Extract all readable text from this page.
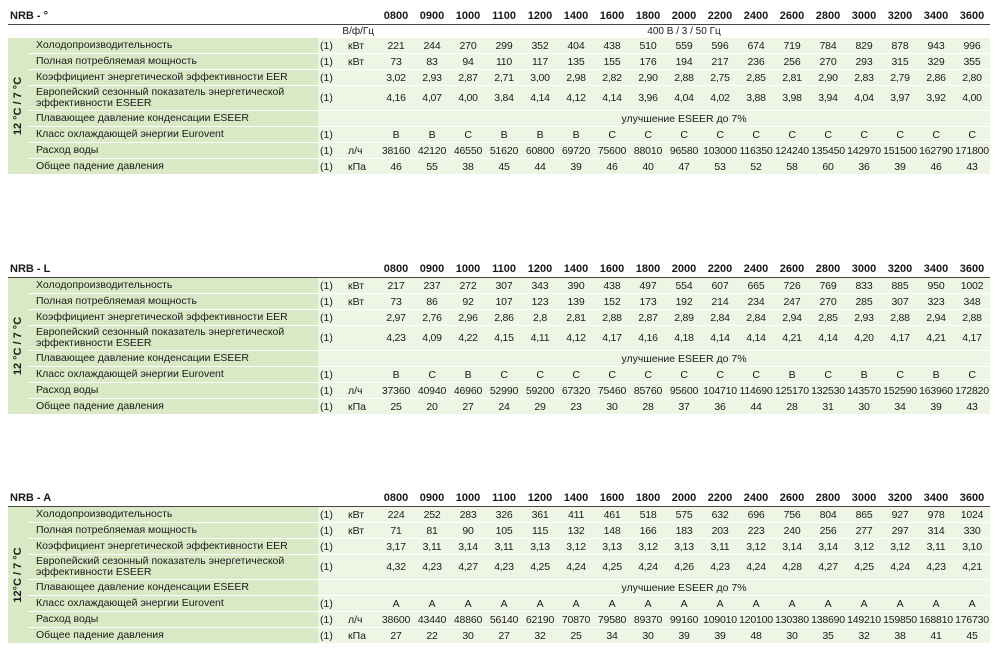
NRB - °				0800	0900	1000	1100	1200	1400	1600	1800	2000	2200	2400	2600	2800	3000	3200	3400	3600
		В/ф/Гц		400 В / 3 / 50 Гц																

12 °C / 7 °C	Холодопроизводительность	(1)	кВт	221	244	270	299	352	404	438	510	559	596	674	719	784	829	878	943	996
	Полная потребляемая мощность	(1)	кВт	73	83	94	110	117	135	155	176	194	217	236	256	270	293	315	329	355
	Коэффициент энергетической эффективности EER	(1)		3,02	2,93	2,87	2,71	3,00	2,98	2,82	2,90	2,88	2,75	2,85	2,81	2,90	2,83	2,79	2,86	2,80
	Европейский сезонный показатель энергетической эффективности ESEER	(1)		4,16	4,07	4,00	3,84	4,14	4,12	4,14	3,96	4,04	4,02	3,88	3,98	3,94	4,04	3,97	3,92	4,00
	Плавающее давление конденсации ESEER			улучшение ESEER до 7%																
	Класс охлаждающей энергии Eurovent	(1)		B	B	C	B	B	B	C	C	C	C	C	C	C	C	C	C	C
	Расход воды	(1)	л/ч	38160	42120	46550	51620	60800	69720	75600	88010	96580	103000	116350	124240	135450	142970	151500	162790	171800
	Общее падение давления	(1)	кПа	46	55	38	45	44	39	46	40	47	53	52	58	60	36	39	46	43
NRB - L				0800	0900	1000	1100	1200	1400	1600	1800	2000	2200	2400	2600	2800	3000	3200	3400	3600

12 °C / 7 °C	Холодопроизводительность	(1)	кВт	217	237	272	307	343	390	438	497	554	607	665	726	769	833	885	950	1002
	Полная потребляемая мощность	(1)	кВт	73	86	92	107	123	139	152	173	192	214	234	247	270	285	307	323	348
	Коэффициент энергетической эффективности EER	(1)		2,97	2,76	2,96	2,86	2,8	2,81	2,88	2,87	2,89	2,84	2,84	2,94	2,85	2,93	2,88	2,94	2,88
	Европейский сезонный показатель энергетической эффективности ESEER	(1)		4,23	4,09	4,22	4,15	4,11	4,12	4,17	4,16	4,18	4,14	4,14	4,21	4,14	4,20	4,17	4,21	4,17
	Плавающее давление конденсации ESEER			улучшение ESEER до 7%																
	Класс охлаждающей энергии Eurovent	(1)		B	C	B	C	C	C	C	C	C	C	C	B	C	B	C	B	C
	Расход воды	(1)	л/ч	37360	40940	46960	52990	59200	67320	75460	85760	95600	104710	114690	125170	132530	143570	152590	163960	172820
	Общее падение давления	(1)	кПа	25	20	27	24	29	23	30	28	37	36	44	28	31	30	34	39	43
NRB - A				0800	0900	1000	1100	1200	1400	1600	1800	2000	2200	2400	2600	2800	3000	3200	3400	3600

12°C / 7 °C	Холодопроизводительность	(1)	кВт	224	252	283	326	361	411	461	518	575	632	696	756	804	865	927	978	1024
	Полная потребляемая мощность	(1)	кВт	71	81	90	105	115	132	148	166	183	203	223	240	256	277	297	314	330
	Коэффициент энергетической эффективности EER	(1)		3,17	3,11	3,14	3,11	3,13	3,12	3,13	3,12	3,13	3,11	3,12	3,14	3,14	3,12	3,12	3,11	3,10
	Европейский сезонный показатель энергетической эффективности ESEER	(1)		4,32	4,23	4,27	4,23	4,25	4,24	4,25	4,24	4,26	4,23	4,24	4,28	4,27	4,25	4,24	4,23	4,21
	Плавающее давление конденсации ESEER			улучшение ESEER до 7%																
	Класс охлаждающей энергии Eurovent	(1)		A	A	A	A	A	A	A	A	A	A	A	A	A	A	A	A	A
	Расход воды	(1)	л/ч	38600	43440	48860	56140	62190	70870	79580	89370	99160	109010	120100	130380	138690	149210	159850	168810	176730
	Общее падение давления	(1)	кПа	27	22	30	27	32	25	34	30	39	39	48	30	35	32	38	41	45
